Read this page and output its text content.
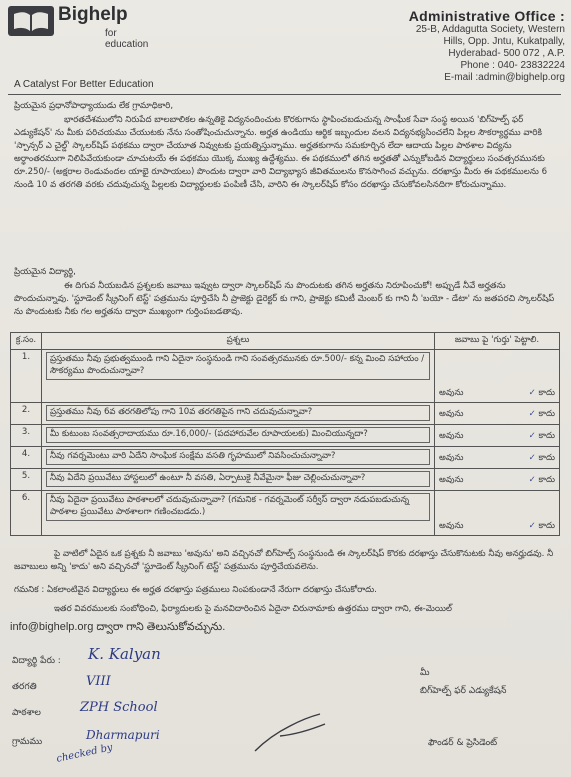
Bighelp
for education
A Catalyst For Better Education
Administrative Office :
25-B, Addagutta Society, Western
Hills, Opp. Jntu, Kukatpally,
Hyderabad- 500 072 , A.P.
Phone : 040- 23832224
E-mail :admin@bighelp.org
ప్రియమైన ప్రధానోపాధ్యాయుడు లేక గ్రామాధికారి,
భారతదేశములోని నిరుపేద బాలబాలికల ఉన్నతికై విద్యనందించుట కొరకుగాను స్థాపించబడుచున్న సాంఘీక సేవా సంస్థ అయిన 'బిగ్‌హెల్ప్ ఫర్ ఎడ్యుకేషన్' ను మీకు పరిచయము చేయుటకు నేను సంతోషించుచున్నాను. అర్హత ఉండియు ఆర్థిక ఇబ్బందుల వలన విద్యనభ్యసించలేని పిల్లల సౌకర్యార్థము వారికి 'స్పాన్సర్ ఎ చైల్డ్' స్కాలర్‌షిప్ పథకము ద్వారా చేయూత నివ్వుటకు ప్రయత్నిస్తున్నాము. అర్హతకుగాను సమకూర్చిన లేదా ఆదాయ పిల్లల పాఠశాల విద్యను అర్ధాంతరముగా నిలిపివేయకుండా చూచుటయే ఈ పథకము యొక్క ముఖ్య ఉద్దేశ్యము. ఈ పథకములో తగిన అర్హతతో ఎన్నుకోబడిన విద్యార్థులు సంవత్సరమునకు రూ.250/- (అక్షరాల రెండువందల యాభై రూపాయలు) పొందుట ద్వారా వారి విద్యాభ్యాస జీవితములను కొనసాగించ వచ్చును. దరఖాస్తు మీరు ఈ పథకములను 6 నుండి 10 వ తరగతి వరకు చదువుచున్న పిల్లలకు విద్యార్థులకు పంపిణీ చేసి, వారిని ఈ స్కాలర్‌షిప్ కోసం దరఖాస్తు చేసుకోవలసినదిగా కోరుచున్నాము.
ప్రియమైన విద్యార్థి,
ఈ దిగువ నీయబడిన ప్రశ్నలకు జవాబు ఇవ్వుట ద్వారా స్కాలర్‌షిప్ ను పొందుటకు తగిన అర్హతను నిరూపించుకో! అప్పుడే నీవే అర్హతను పొందుచున్నావు. 'స్టూడెంట్ స్క్రీనింగ్ టెస్ట్' పత్రమును పూర్తిచేసి నీ ప్రాజెక్టు డైరెక్టర్ కు గాని, ప్రాజెక్టు కమిటీ మెంబర్ కు గాని నీ 'బయో - డేటా' ను జతపరచి స్కాలర్‌షిప్ ను పొందుటకు నీకు గల అర్హతను ద్వారా ముఖ్యంగా గుర్తింపబడతావు.
క్ర.సం.	ప్రశ్నలు	జవాబు పై 'గుర్తు' పెట్టాలి.
1.	ప్రస్తుతము నీవు ప్రభుత్వముండి గాని ఏదైనా సంస్థనుండి గాని సంవత్సరమునకు రూ.500/- కన్న మించి సహాయం / సౌకర్యము పొందుచున్నావా?	అవును ✓ కాదు

2.	ప్రస్తుతము నీవు 6వ తరగతిలోపు గాని 10వ తరగతిపైన గాని చదువుచున్నావా?	అవును ✓ కాదు

3.	మీ కుటుంబ సంవత్సరాదాయము రూ.16,000/- (పదహారువేల రూపాయలకు) మించియున్నదా?	అవును ✓ కాదు

4.	నీవు గవర్నమెంటు వారి ఏదేని సాంఘిక సంక్షేమ వసతి గృహములో నివసించుచున్నావా?	అవును ✓ కాదు

5.	నీవు ఏదేని ప్రయివేటు హాస్టలులో ఉంటూ నీ వసతి, ఏర్పాటుకై నీవేమైనా ఫీజు చెల్లించుచున్నావా?	అవును ✓ కాదు

6.	నీవు ఏదైనా ప్రయివేటు పాఠశాలలో చదువుచున్నావా? (గమనిక - గవర్నమెంట్ సర్వీస్ ద్వారా నడుపబడుచున్న పాఠశాల ప్రయివేటు పాఠశాలగా గణించబడదు.)	అవును ✓ కాదు
పై వాటిలో ఏదైన ఒక ప్రశ్నకు నీ జవాబు 'అవును' అని వచ్చినచో బిగ్‌హెల్ప్ సంస్థనుండి ఈ స్కాలర్‌షిప్ కొరకు దరఖాస్తు చేసుకొనుటకు నీవు అనర్హుడవు. నీ జవాబులు అన్ని 'కాదు' అని వచ్చినచో 'స్టూడెంట్ స్క్రీనింగ్ టెస్ట్' పత్రమును పూర్తిచేయవలెను.
గమనిక : ఏకలాంటివైన విద్యార్థులు ఈ అర్హత దరఖాస్తు పత్రములు నింపకుండానే నేరుగా దరఖాస్తు చేసుకోరాదు.
ఇతర వివరములకు సంబోధించి, ఫిర్యాదులకు పై మనవిదారించిన ఏదైనా చిరునామాకు ఉత్తరము ద్వారా గాని, ఈ-మెయిల్
info@bighelp.org ద్వారా గాని తెలుసుకోవచ్చును.
విద్యార్థి పేరు : K. Kalyan
తరగతి	VIII
పాఠశాల	ZPH School
గ్రామము	Dharmapuri
checked by
మీ
బిగ్‌హెల్ప్ ఫర్ ఎడ్యుకేషన్
ఫౌండర్ & ప్రెసిడెంట్
